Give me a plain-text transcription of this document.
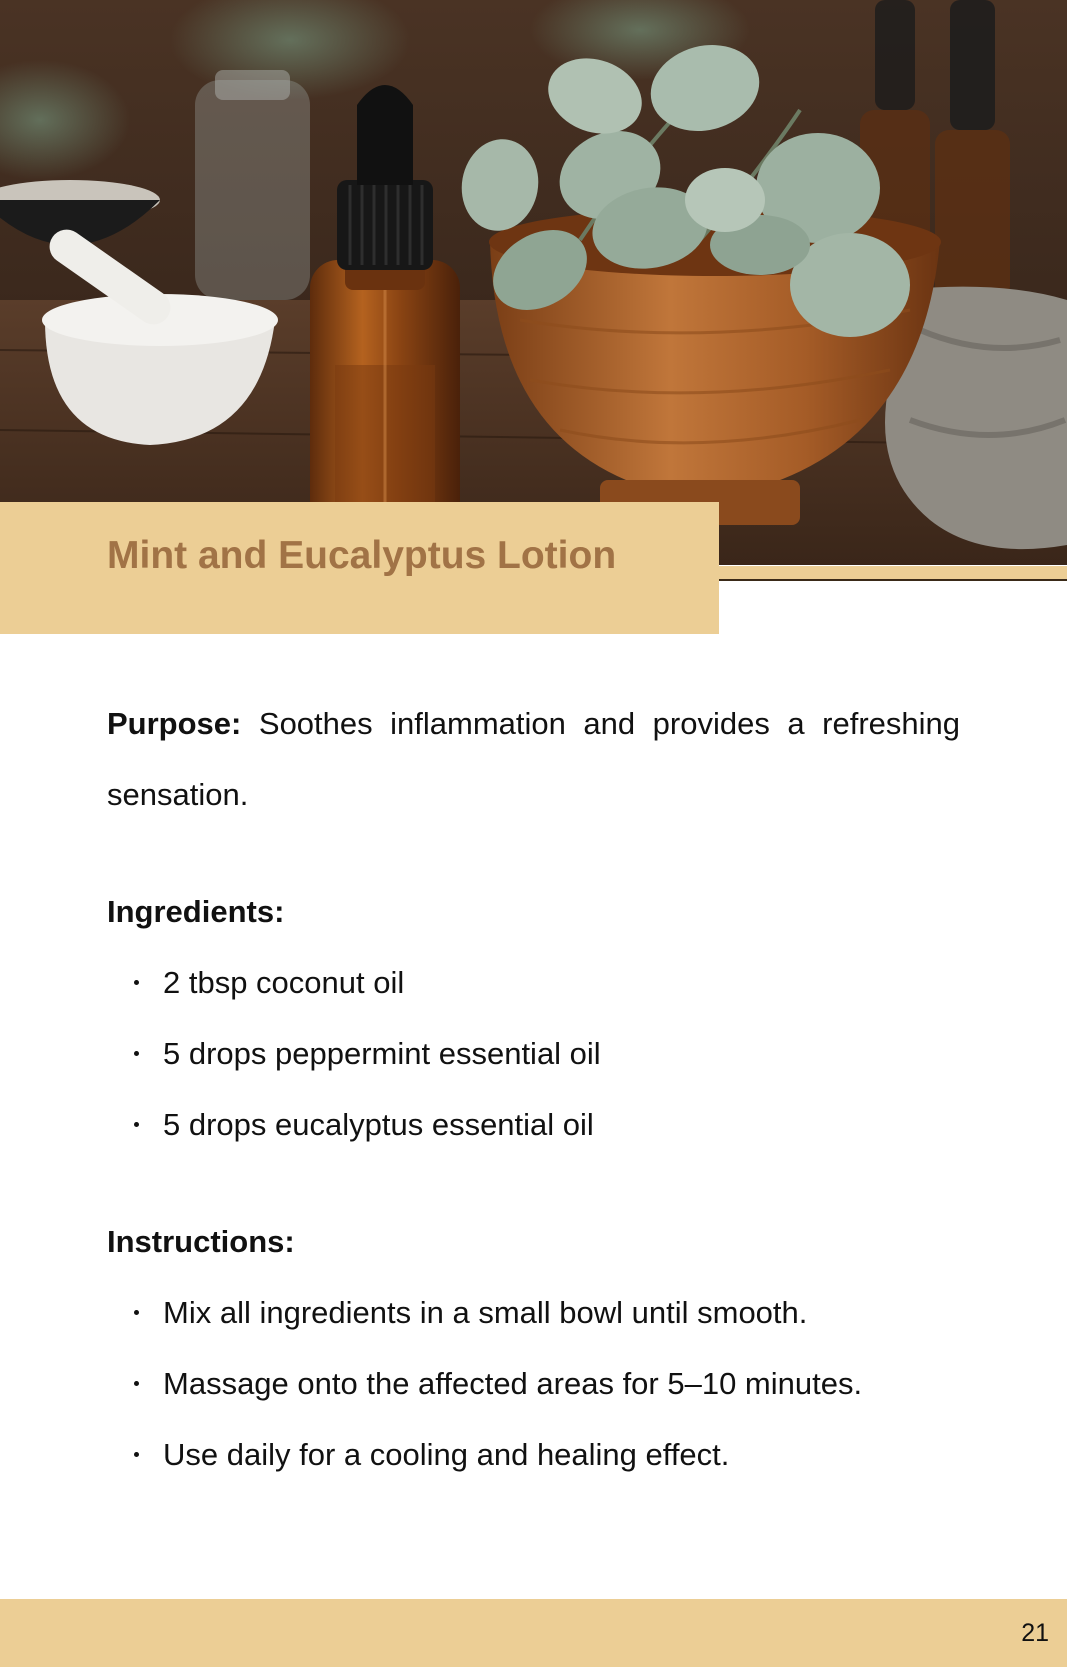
Mint and Eucalyptus Lotion

Purpose: Soothes inflammation and provides a refreshing sensation.

Ingredients:
2 tbsp coconut oil
5 drops peppermint essential oil
5 drops eucalyptus essential oil
Instructions:
Mix all ingredients in a small bowl until smooth.
Massage onto the affected areas for 5–10 minutes.
Use daily for a cooling and healing effect.
21
